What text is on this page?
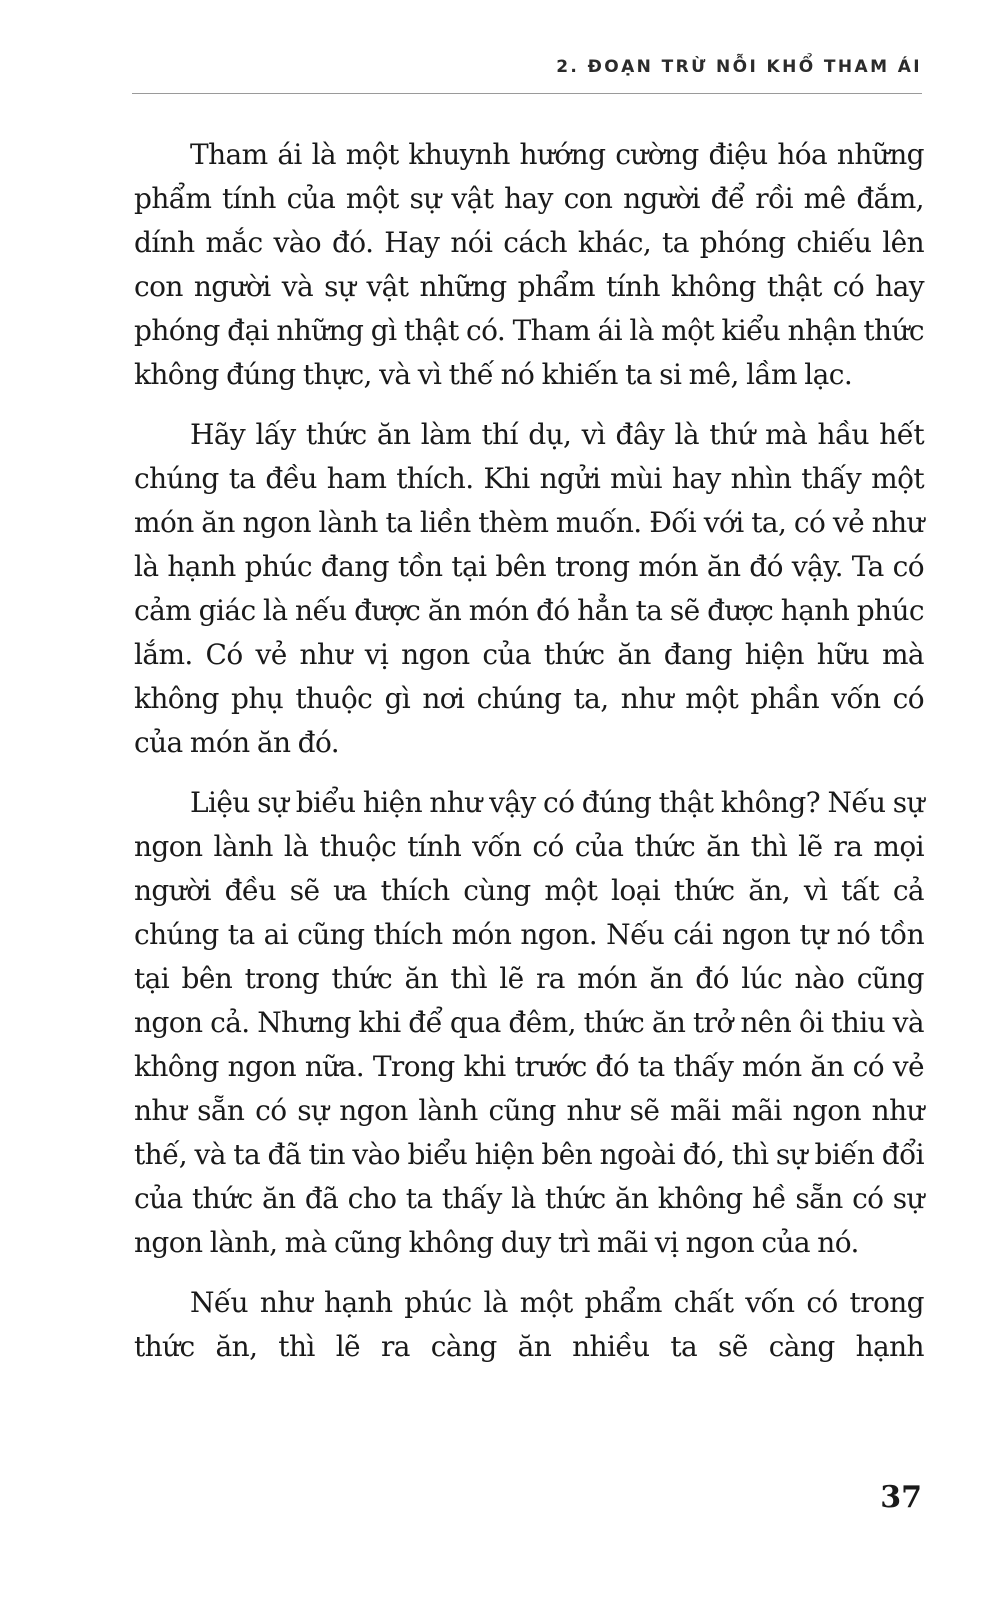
2. ĐOẠN TRỪ NỖI KHỔ THAM ÁI

Tham ái là một khuynh hướng cường điệu hóa những phẩm tính của một sự vật hay con người để rồi mê đắm, dính mắc vào đó. Hay nói cách khác, ta phóng chiếu lên con người và sự vật những phẩm tính không thật có hay phóng đại những gì thật có. Tham ái là một kiểu nhận thức không đúng thực, và vì thế nó khiến ta si mê, lầm lạc.

Hãy lấy thức ăn làm thí dụ, vì đây là thứ mà hầu hết chúng ta đều ham thích. Khi ngửi mùi hay nhìn thấy một món ăn ngon lành ta liền thèm muốn. Đối với ta, có vẻ như là hạnh phúc đang tồn tại bên trong món ăn đó vậy. Ta có cảm giác là nếu được ăn món đó hẳn ta sẽ được hạnh phúc lắm. Có vẻ như vị ngon của thức ăn đang hiện hữu mà không phụ thuộc gì nơi chúng ta, như một phần vốn có của món ăn đó.

Liệu sự biểu hiện như vậy có đúng thật không? Nếu sự ngon lành là thuộc tính vốn có của thức ăn thì lẽ ra mọi người đều sẽ ưa thích cùng một loại thức ăn, vì tất cả chúng ta ai cũng thích món ngon. Nếu cái ngon tự nó tồn tại bên trong thức ăn thì lẽ ra món ăn đó lúc nào cũng ngon cả. Nhưng khi để qua đêm, thức ăn trở nên ôi thiu và không ngon nữa. Trong khi trước đó ta thấy món ăn có vẻ như sẵn có sự ngon lành cũng như sẽ mãi mãi ngon như thế, và ta đã tin vào biểu hiện bên ngoài đó, thì sự biến đổi của thức ăn đã cho ta thấy là thức ăn không hề sẵn có sự ngon lành, mà cũng không duy trì mãi vị ngon của nó.

Nếu như hạnh phúc là một phẩm chất vốn có trong thức ăn, thì lẽ ra càng ăn nhiều ta sẽ càng hạnh

37
